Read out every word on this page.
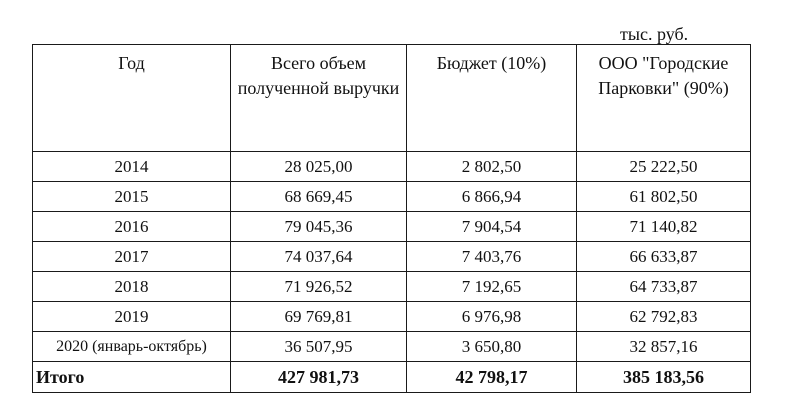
тыс. руб.
Год	Всего объем полученной выручки	Бюджет (10%)	ООО "Городские Парковки" (90%)
2014	28 025,00	2 802,50	25 222,50
2015	68 669,45	6 866,94	61 802,50
2016	79 045,36	7 904,54	71 140,82
2017	74 037,64	7 403,76	66 633,87
2018	71 926,52	7 192,65	64 733,87
2019	69 769,81	6 976,98	62 792,83
2020 (январь-октябрь)	36 507,95	3 650,80	32 857,16
Итого	427 981,73	42 798,17	385 183,56
